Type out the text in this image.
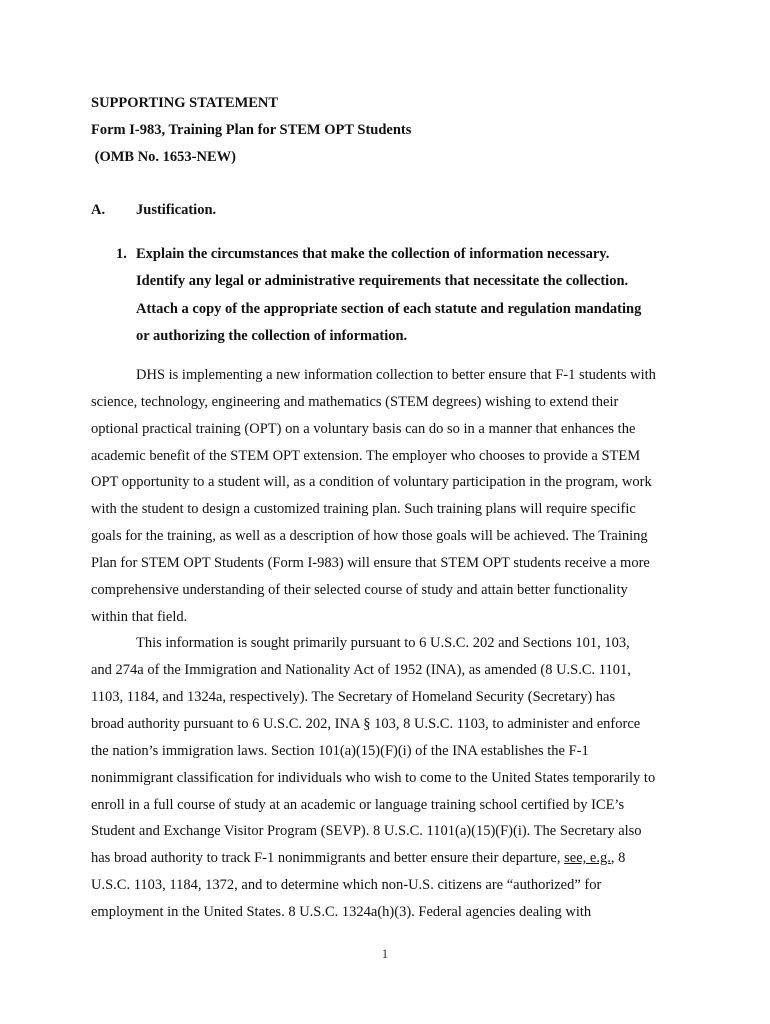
SUPPORTING STATEMENT
Form I-983, Training Plan for STEM OPT Students
(OMB No. 1653-NEW)
A. Justification.
1. Explain the circumstances that make the collection of information necessary.
Identify any legal or administrative requirements that necessitate the collection.
Attach a copy of the appropriate section of each statute and regulation mandating
or authorizing the collection of information.
DHS is implementing a new information collection to better ensure that F-1 students with
science, technology, engineering and mathematics (STEM degrees) wishing to extend their
optional practical training (OPT) on a voluntary basis can do so in a manner that enhances the
academic benefit of the STEM OPT extension. The employer who chooses to provide a STEM
OPT opportunity to a student will, as a condition of voluntary participation in the program, work
with the student to design a customized training plan. Such training plans will require specific
goals for the training, as well as a description of how those goals will be achieved. The Training
Plan for STEM OPT Students (Form I-983) will ensure that STEM OPT students receive a more
comprehensive understanding of their selected course of study and attain better functionality
within that field.
This information is sought primarily pursuant to 6 U.S.C. 202 and Sections 101, 103,
and 274a of the Immigration and Nationality Act of 1952 (INA), as amended (8 U.S.C. 1101,
1103, 1184, and 1324a, respectively). The Secretary of Homeland Security (Secretary) has
broad authority pursuant to 6 U.S.C. 202, INA § 103, 8 U.S.C. 1103, to administer and enforce
the nation’s immigration laws. Section 101(a)(15)(F)(i) of the INA establishes the F-1
nonimmigrant classification for individuals who wish to come to the United States temporarily to
enroll in a full course of study at an academic or language training school certified by ICE’s
Student and Exchange Visitor Program (SEVP). 8 U.S.C. 1101(a)(15)(F)(i). The Secretary also
has broad authority to track F-1 nonimmigrants and better ensure their departure, see, e.g., 8
U.S.C. 1103, 1184, 1372, and to determine which non-U.S. citizens are “authorized” for
employment in the United States. 8 U.S.C. 1324a(h)(3). Federal agencies dealing with
1
